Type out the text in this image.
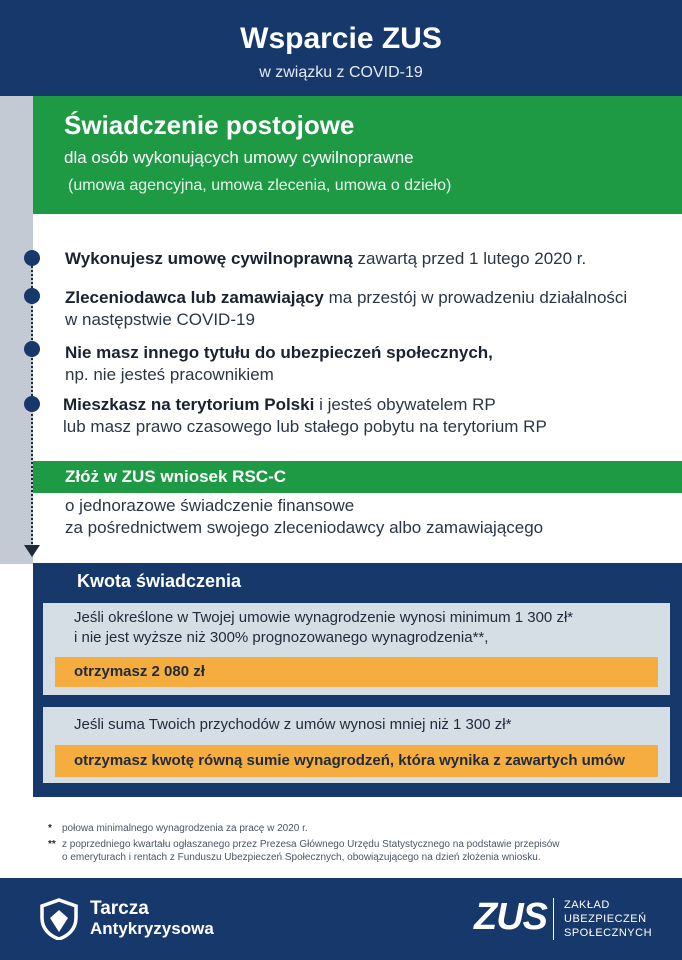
Wsparcie ZUS
w związku z COVID-19
Świadczenie postojowe
dla osób wykonujących umowy cywilnoprawne
(umowa agencyjna, umowa zlecenia, umowa o dzieło)
Wykonujesz umowę cywilnoprawną zawartą przed 1 lutego 2020 r.
Zleceniodawca lub zamawiający ma przestój w prowadzeniu działalności
w następstwie COVID-19
Nie masz innego tytułu do ubezpieczeń społecznych,
np. nie jesteś pracownikiem
Mieszkasz na terytorium Polski i jesteś obywatelem RP
lub masz prawo czasowego lub stałego pobytu na terytorium RP
Złóż w ZUS wniosek RSC-C
o jednorazowe świadczenie finansowe
za pośrednictwem swojego zleceniodawcy albo zamawiającego
Kwota świadczenia
Jeśli określone w Twojej umowie wynagrodzenie wynosi minimum 1 300 zł*
i nie jest wyższe niż 300% prognozowanego wynagrodzenia**,
otrzymasz 2 080 zł
Jeśli suma Twoich przychodów z umów wynosi mniej niż 1 300 zł*
otrzymasz kwotę równą sumie wynagrodzeń, która wynika z zawartych umów
* połowa minimalnego wynagrodzenia za pracę w 2020 r.
** z poprzedniego kwartału ogłaszanego przez Prezesa Głównego Urzędu Statystycznego na podstawie przepisów
o emeryturach i rentach z Funduszu Ubezpieczeń Społecznych, obowiązującego na dzień złożenia wniosku.
Tarcza
Antykryzysowa	ZUS ZAKŁAD
UBEZPIECZEŃ
SPOŁECZNYCH
